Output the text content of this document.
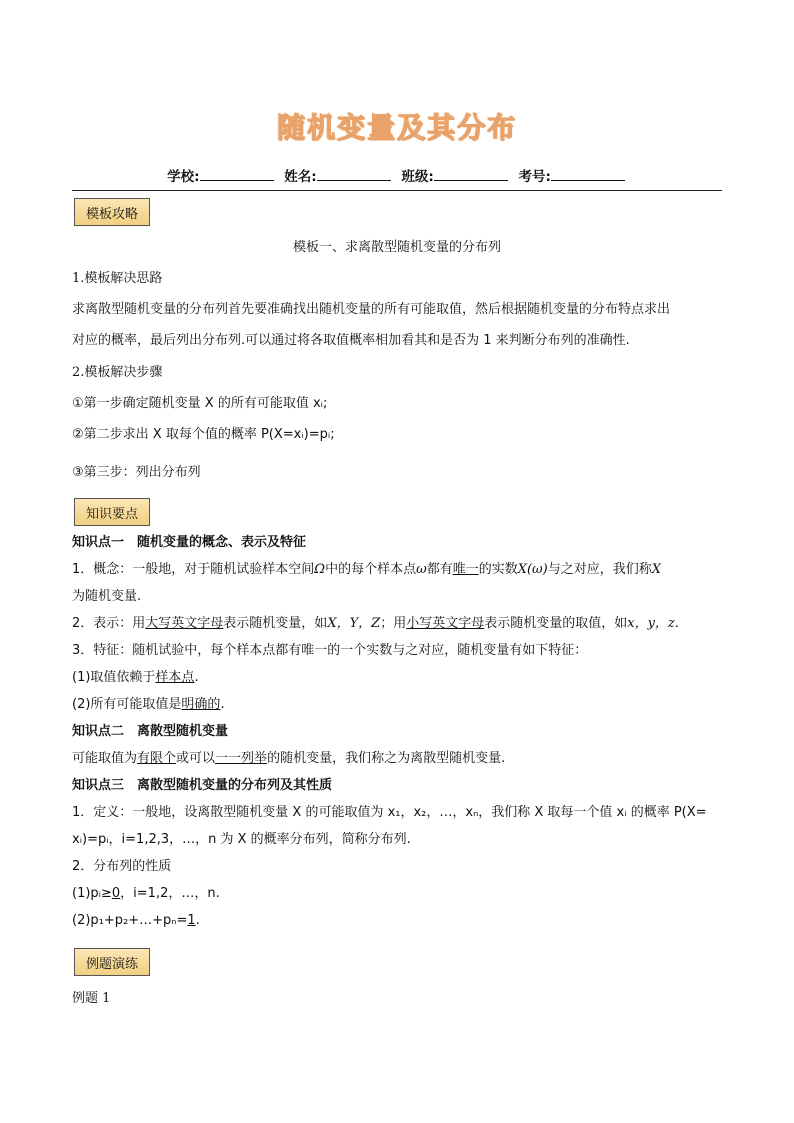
随机变量及其分布
学校:	姓名:	班级:	考号:
模板攻略
模板一、求离散型随机变量的分布列
1.模板解决思路
求离散型随机变量的分布列首先要准确找出随机变量的所有可能取值，然后根据随机变量的分布特点求出
对应的概率，最后列出分布列.可以通过将各取值概率相加看其和是否为 1 来判断分布列的准确性.
2.模板解决步骤
①第一步确定随机变量 X 的所有可能取值 xᵢ;
②第二步求出 X 取每个值的概率 P(X=xᵢ)=pᵢ;
③第三步：列出分布列
知识要点
知识点一　随机变量的概念、表示及特征
1．概念：一般地，对于随机试验样本空间Ω中的每个样本点ω都有唯一的实数X(ω)与之对应，我们称X
为随机变量.
2．表示：用大写英文字母表示随机变量，如X，Y，Z；用小写英文字母表示随机变量的取值，如x，y，z.
3．特征：随机试验中，每个样本点都有唯一的一个实数与之对应，随机变量有如下特征：
(1)取值依赖于样本点.
(2)所有可能取值是明确的.
知识点二　离散型随机变量
可能取值为有限个或可以一一列举的随机变量，我们称之为离散型随机变量.
知识点三　离散型随机变量的分布列及其性质
1．定义：一般地，设离散型随机变量 X 的可能取值为 x₁，x₂，…，xₙ，我们称 X 取每一个值 xᵢ 的概率 P(X=
xᵢ)=pᵢ，i=1,2,3，…，n 为 X 的概率分布列，简称分布列.
2．分布列的性质
(1)pᵢ≥0，i=1,2，…，n.
(2)p₁+p₂+…+pₙ=1.
例题演练
例题 1
